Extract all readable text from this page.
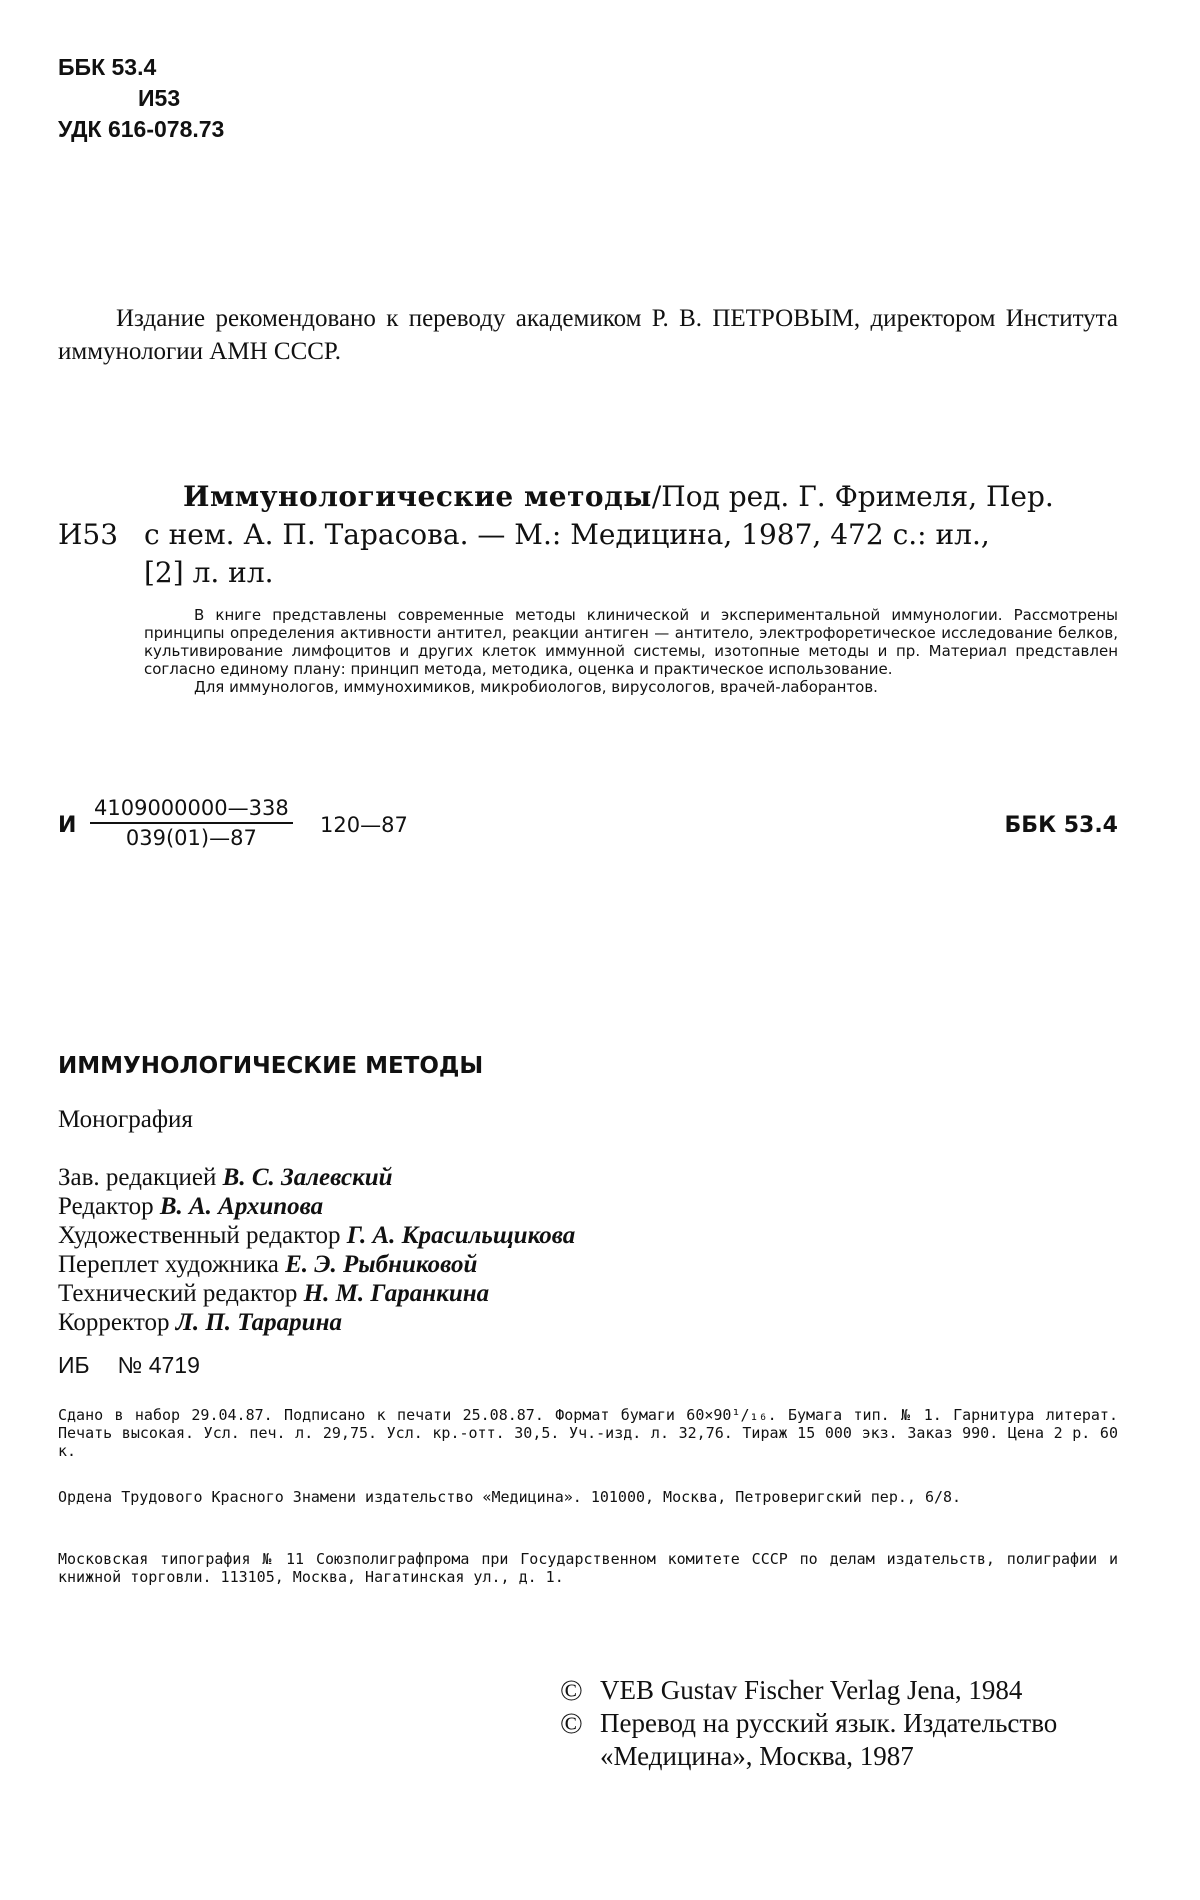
ББК 53.4
И53
УДК 616-078.73
Издание рекомендовано к переводу академиком Р. В. ПЕТРОВЫМ, директором Института иммунологии АМН СССР.
Иммунологические методы/Под ред. Г. Фримеля, Пер.
И53 с нем. А. П. Тарасова. — М.: Медицина, 1987, 472 с.: ил.,
[2] л. ил.

В книге представлены современные методы клинической и экспериментальной иммунологии. Рассмотрены принципы определения активности антител, реакции антиген — антитело, электрофоретическое исследование белков, культивирование лимфоцитов и других клеток иммунной системы, изотопные методы и пр. Материал представлен согласно единому плану: принцип метода, методика, оценка и практическое использование.

Для иммунологов, иммунохимиков, микробиологов, вирусологов, врачей-лаборантов.

И $\frac{4109000000—338}{039(01)—87}$ 120—87	ББК 53.4
ИММУНОЛОГИЧЕСКИЕ МЕТОДЫ
Монография
Зав. редакцией В. С. Залевский
Редактор В. А. Архипова
Художественный редактор Г. А. Красильщикова
Переплет художника Е. Э. Рыбниковой
Технический редактор Н. М. Гаранкина
Корректор Л. П. Тарарина
ИБ № 4719
Сдано в набор 29.04.87. Подписано к печати 25.08.87. Формат бумаги 60×90¹/₁₆. Бумага тип. № 1. Гарнитура литерат. Печать высокая. Усл. печ. л. 29,75. Усл. кр.-отт. 30,5. Уч.-изд. л. 32,76. Тираж 15 000 экз. Заказ 990. Цена 2 р. 60 к.
Ордена Трудового Красного Знамени издательство «Медицина». 101000, Москва, Петроверигский пер., 6/8.
Московская типография № 11 Союзполиграфпрома при Государственном комитете СССР по делам издательств, полиграфии и книжной торговли. 113105, Москва, Нагатинская ул., д. 1.
© VEB Gustav Fischer Verlag Jena, 1984
© Перевод на русский язык. Издательство «Медицина», Москва, 1987
